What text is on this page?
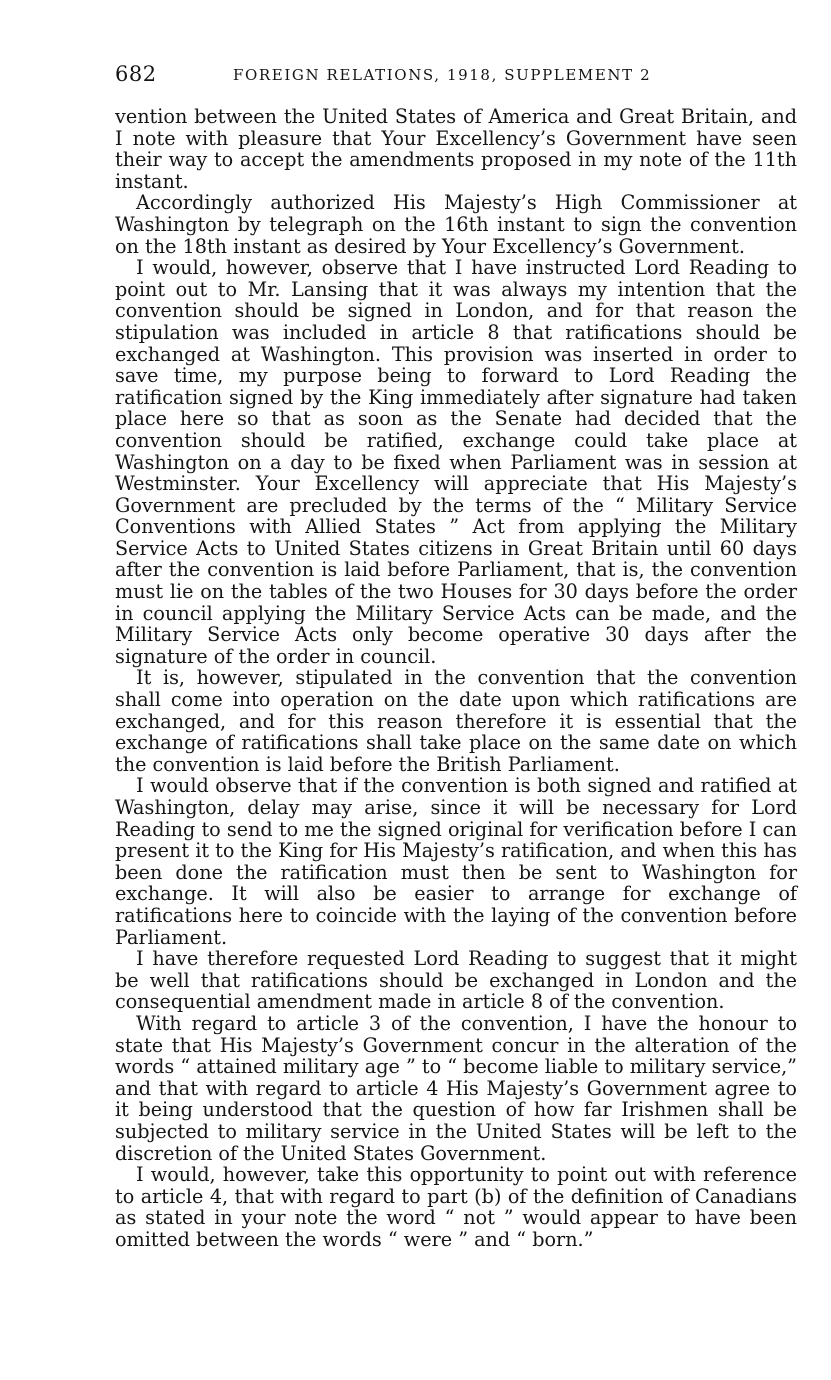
682	FOREIGN RELATIONS, 1918, SUPPLEMENT 2

vention between the United States of America and Great Britain, and I note with pleasure that Your Excellency’s Government have seen their way to accept the amendments proposed in my note of the 11th instant.

Accordingly authorized His Majesty’s High Commissioner at Washington by telegraph on the 16th instant to sign the convention on the 18th instant as desired by Your Excellency’s Government.

I would, however, observe that I have instructed Lord Reading to point out to Mr. Lansing that it was always my intention that the convention should be signed in London, and for that reason the stipulation was included in article 8 that ratifications should be exchanged at Washington. This provision was inserted in order to save time, my purpose being to forward to Lord Reading the ratification signed by the King immediately after signature had taken place here so that as soon as the Senate had decided that the convention should be ratified, exchange could take place at Washington on a day to be fixed when Parliament was in session at Westminster. Your Excellency will appreciate that His Majesty’s Government are precluded by the terms of the “ Military Service Conventions with Allied States ” Act from applying the Military Service Acts to United States citizens in Great Britain until 60 days after the convention is laid before Parliament, that is, the convention must lie on the tables of the two Houses for 30 days before the order in council applying the Military Service Acts can be made, and the Military Service Acts only become operative 30 days after the signature of the order in council.

It is, however, stipulated in the convention that the convention shall come into operation on the date upon which ratifications are exchanged, and for this reason therefore it is essential that the exchange of ratifications shall take place on the same date on which the convention is laid before the British Parliament.

I would observe that if the convention is both signed and ratified at Washington, delay may arise, since it will be necessary for Lord Reading to send to me the signed original for verification before I can present it to the King for His Majesty’s ratification, and when this has been done the ratification must then be sent to Washington for exchange. It will also be easier to arrange for exchange of ratifications here to coincide with the laying of the convention before Parliament.

I have therefore requested Lord Reading to suggest that it might be well that ratifications should be exchanged in London and the consequential amendment made in article 8 of the convention.

With regard to article 3 of the convention, I have the honour to state that His Majesty’s Government concur in the alteration of the words “ attained military age ” to “ become liable to military service,” and that with regard to article 4 His Majesty’s Government agree to it being understood that the question of how far Irishmen shall be subjected to military service in the United States will be left to the discretion of the United States Government.

I would, however, take this opportunity to point out with reference to article 4, that with regard to part (b) of the definition of Canadians as stated in your note the word “ not ” would appear to have been omitted between the words “ were ” and “ born.”
